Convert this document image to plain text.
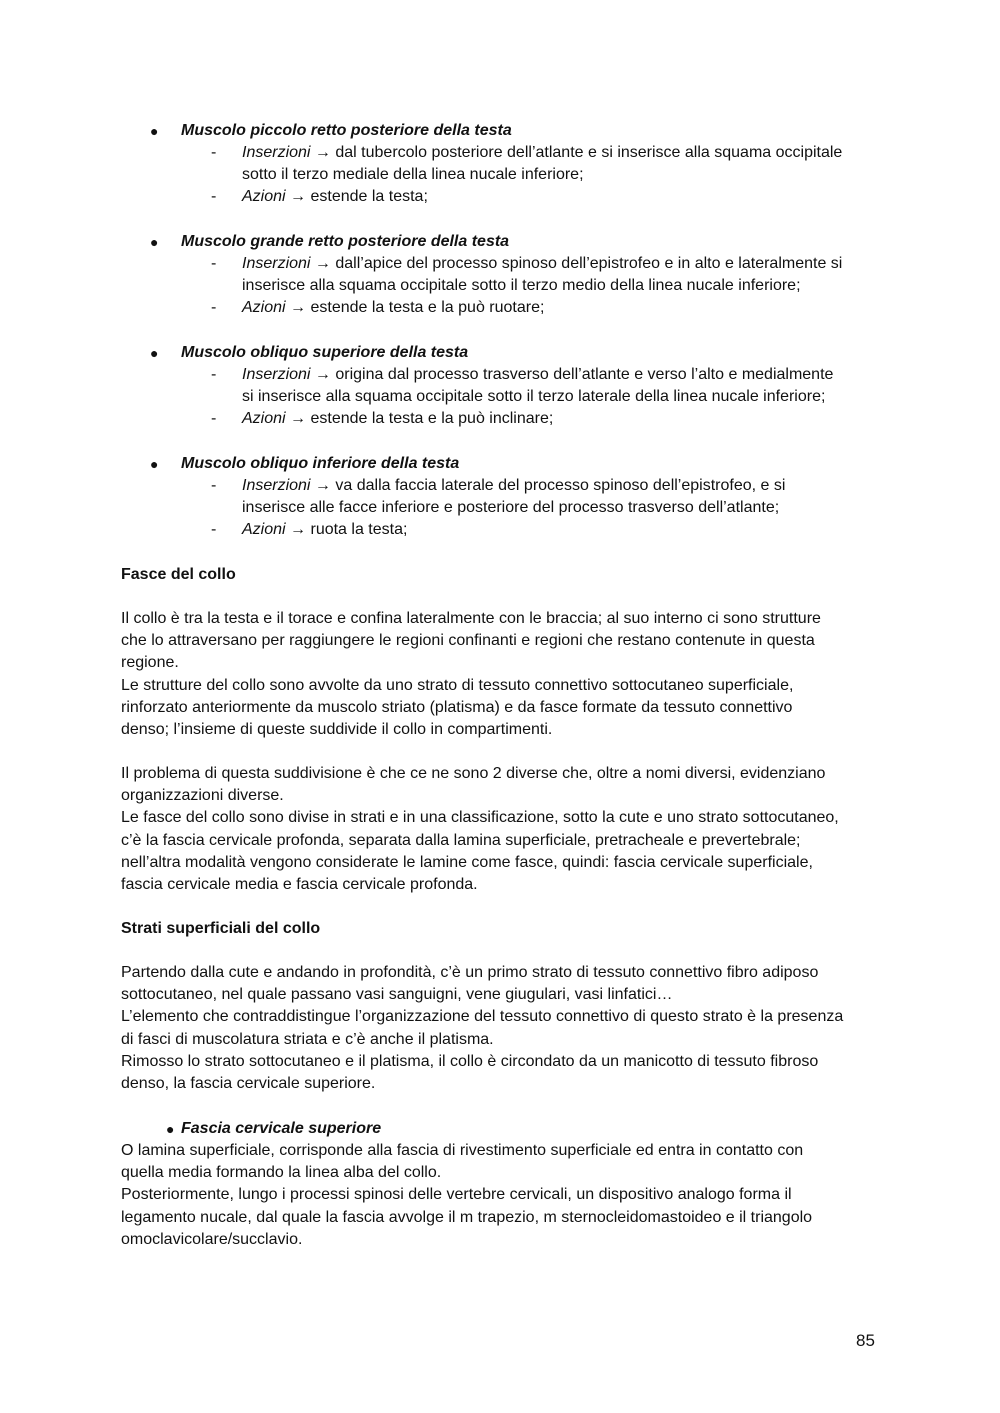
● Muscolo piccolo retto posteriore della testa
- Inserzioni → dal tubercolo posteriore dell’atlante e si inserisce alla squama occipitale
sotto il terzo mediale della linea nucale inferiore;
- Azioni → estende la testa;
● Muscolo grande retto posteriore della testa
- Inserzioni → dall’apice del processo spinoso dell’epistrofeo e in alto e lateralmente si
inserisce alla squama occipitale sotto il terzo medio della linea nucale inferiore;
- Azioni → estende la testa e la può ruotare;
● Muscolo obliquo superiore della testa
- Inserzioni → origina dal processo trasverso dell’atlante e verso l’alto e medialmente
si inserisce alla squama occipitale sotto il terzo laterale della linea nucale inferiore;
- Azioni → estende la testa e la può inclinare;
● Muscolo obliquo inferiore della testa
- Inserzioni → va dalla faccia laterale del processo spinoso dell’epistrofeo, e si
inserisce alle facce inferiore e posteriore del processo trasverso dell’atlante;
- Azioni → ruota la testa;
Fasce del collo
Il collo è tra la testa e il torace e confina lateralmente con le braccia; al suo interno ci sono strutture
che lo attraversano per raggiungere le regioni confinanti e regioni che restano contenute in questa
regione.
Le strutture del collo sono avvolte da uno strato di tessuto connettivo sottocutaneo superficiale,
rinforzato anteriormente da muscolo striato (platisma) e da fasce formate da tessuto connettivo
denso; l’insieme di queste suddivide il collo in compartimenti.
Il problema di questa suddivisione è che ce ne sono 2 diverse che, oltre a nomi diversi, evidenziano
organizzazioni diverse.
Le fasce del collo sono divise in strati e in una classificazione, sotto la cute e uno strato sottocutaneo,
c’è la fascia cervicale profonda, separata dalla lamina superficiale, pretracheale e prevertebrale;
nell’altra modalità vengono considerate le lamine come fasce, quindi: fascia cervicale superficiale,
fascia cervicale media e fascia cervicale profonda.
Strati superficiali del collo
Partendo dalla cute e andando in profondità, c’è un primo strato di tessuto connettivo fibro adiposo
sottocutaneo, nel quale passano vasi sanguigni, vene giugulari, vasi linfatici…
L’elemento che contraddistingue l’organizzazione del tessuto connettivo di questo strato è la presenza
di fasci di muscolatura striata e c’è anche il platisma.
Rimosso lo strato sottocutaneo e il platisma, il collo è circondato da un manicotto di tessuto fibroso
denso, la fascia cervicale superiore.
● Fascia cervicale superiore
O lamina superficiale, corrisponde alla fascia di rivestimento superficiale ed entra in contatto con
quella media formando la linea alba del collo.
Posteriormente, lungo i processi spinosi delle vertebre cervicali, un dispositivo analogo forma il
legamento nucale, dal quale la fascia avvolge il m trapezio, m sternocleidomastoideo e il triangolo
omoclavicolare/succlavio.
85
